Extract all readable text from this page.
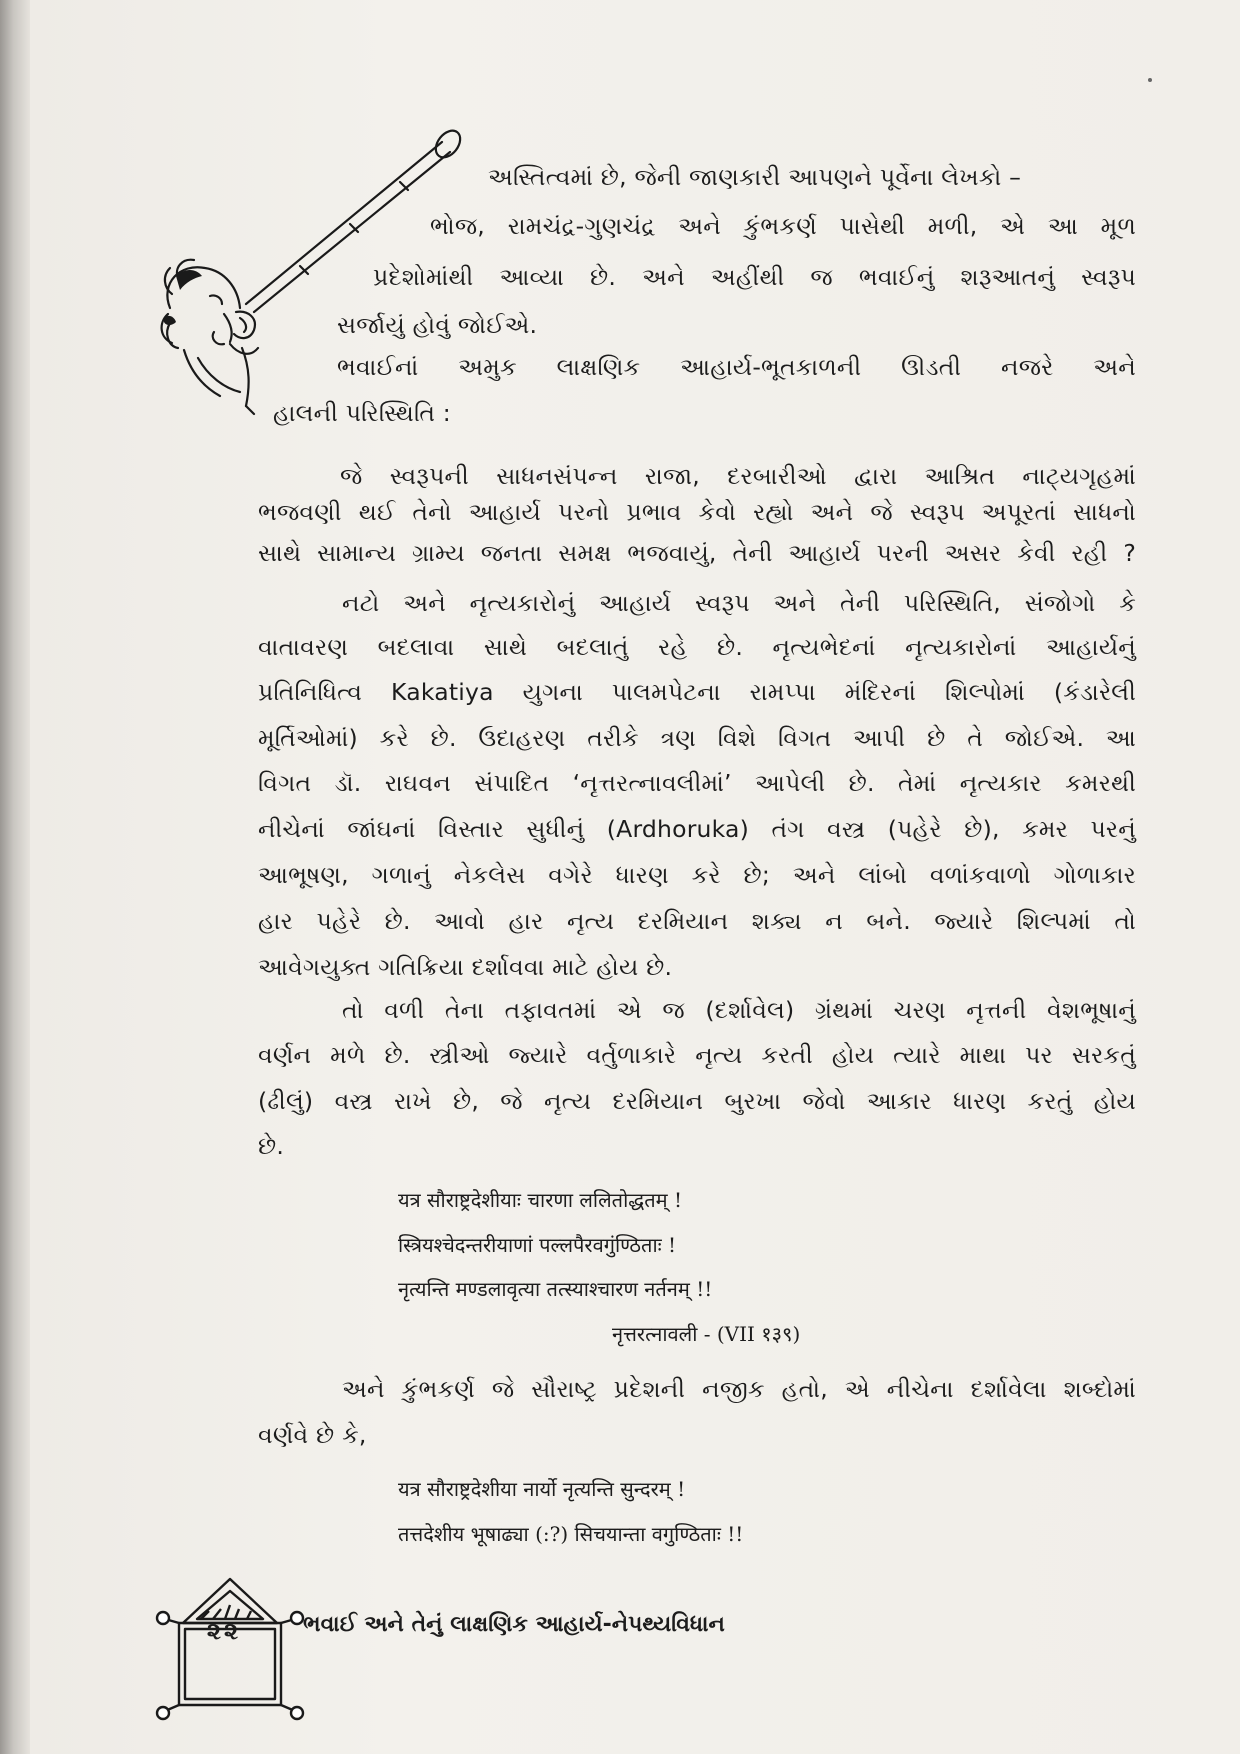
અસ્તિત્વમાં છે, જેની જાણકારી આપણને પૂર્વેના લેખકો –
ભોજ, રામચંદ્ર-ગુણચંદ્ર અને કુંભકર્ણ પાસેથી મળી, એ આ મૂળ
પ્રદેશોમાંથી આવ્યા છે. અને અહીંથી જ ભવાઈનું શરૂઆતનું સ્વરૂપ
સર્જાયું હોવું જોઈએ.
ભવાઈનાં અમુક લાક્ષણિક આહાર્ય-ભૂતકાળની ઊડતી નજરે અને
હાલની પરિસ્થિતિ :
જે સ્વરૂપની સાધનસંપન્ન રાજા, દરબારીઓ દ્વારા આશ્રિત નાટ્યગૃહમાં
ભજવણી થઈ તેનો આહાર્ય પરનો પ્રભાવ કેવો રહ્યો અને જે સ્વરૂપ અપૂરતાં સાધનો
સાથે સામાન્ય ગ્રામ્ય જનતા સમક્ષ ભજવાયું, તેની આહાર્ય પરની અસર કેવી રહી ?
નટો અને નૃત્યકારોનું આહાર્ય સ્વરૂપ અને તેની પરિસ્થિતિ, સંજોગો કે
વાતાવરણ બદલાવા સાથે બદલાતું રહે છે. નૃત્યભેદનાં નૃત્યકારોનાં આહાર્યનું
પ્રતિનિધિત્વ Kakatiya યુગના પાલમપેટના રામપ્પા મંદિરનાં શિલ્પોમાં (કંડારેલી
મૂર્તિઓમાં) કરે છે. ઉદાહરણ તરીકે ત્રણ વિશે વિગત આપી છે તે જોઈએ. આ
વિગત ડૉ. રાઘવન સંપાદિત ‘નૃત્તરત્નાવલીમાં’ આપેલી છે. તેમાં નૃત્યકાર કમરથી
નીચેનાં જાંઘનાં વિસ્તાર સુધીનું (Ardhoruka) તંગ વસ્ત્ર (પહેરે છે), કમર પરનું
આભૂષણ, ગળાનું નેકલેસ વગેરે ધારણ કરે છે; અને લાંબો વળાંકવાળો ગોળાકાર
હાર પહેરે છે. આવો હાર નૃત્ય દરમિયાન શક્ય ન બને. જ્યારે શિલ્પમાં તો
આવેગયુક્ત ગતિક્રિયા દર્શાવવા માટે હોય છે.
તો વળી તેના તફાવતમાં એ જ (દર્શાવેલ) ગ્રંથમાં ચરણ નૃત્તની વેશભૂષાનું
વર્ણન મળે છે. સ્ત્રીઓ જ્યારે વર્તુળાકારે નૃત્ય કરતી હોય ત્યારે માથા પર સરકતું
(ઢીલું) વસ્ત્ર રાખે છે, જે નૃત્ય દરમિયાન બુરખા જેવો આકાર ધારણ કરતું હોય
છે.
यत्र सौराष्ट्रदेशीयाः चारणा ललितोद्धतम् !
स्त्रियश्चेदन्तरीयाणां पल्लपैरवगुंण्ठिताः !
नृत्यन्ति मण्डलावृत्या तत्स्याश्चारण नर्तनम् !!
नृत्तरत्नावली - (VII १३९)
અને કુંભકર્ણ જે સૌરાષ્ટ્ર પ્રદેશની નજીક હતો, એ નીચેના દર્શાવેલા શબ્દોમાં
વર્ણવે છે કે,
यत्र सौराष्ट्रदेशीया नार्यो नृत्यन्ति सुन्दरम् !
तत्तदेशीय भूषाढ्या (:?) सिचयान्ता वगुण्ठिताः !!
૨૨	ભવાઈ અને તેનું લાક્ષણિક આહાર્ય-નેપથ્યવિધાન
